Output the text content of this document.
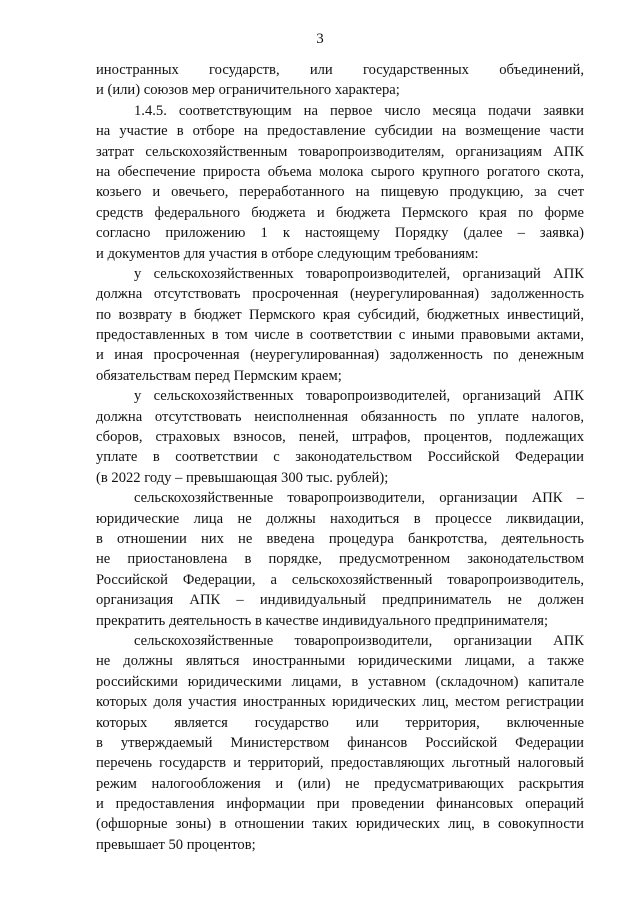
3
иностранных государств, или государственных объединений,
и (или) союзов мер ограничительного характера;
1.4.5. соответствующим на первое число месяца подачи заявки
на участие в отборе на предоставление субсидии на возмещение части
затрат сельскохозяйственным товаропроизводителям, организациям АПК
на обеспечение прироста объема молока сырого крупного рогатого скота,
козьего и овечьего, переработанного на пищевую продукцию, за счет
средств федерального бюджета и бюджета Пермского края по форме
согласно приложению 1 к настоящему Порядку (далее – заявка)
и документов для участия в отборе следующим требованиям:
у сельскохозяйственных товаропроизводителей, организаций АПК
должна отсутствовать просроченная (неурегулированная) задолженность
по возврату в бюджет Пермского края субсидий, бюджетных инвестиций,
предоставленных в том числе в соответствии с иными правовыми актами,
и иная просроченная (неурегулированная) задолженность по денежным
обязательствам перед Пермским краем;
у сельскохозяйственных товаропроизводителей, организаций АПК
должна отсутствовать неисполненная обязанность по уплате налогов,
сборов, страховых взносов, пеней, штрафов, процентов, подлежащих
уплате в соответствии с законодательством Российской Федерации
(в 2022 году – превышающая 300 тыс. рублей);
сельскохозяйственные товаропроизводители, организации АПК –
юридические лица не должны находиться в процессе ликвидации,
в отношении них не введена процедура банкротства, деятельность
не приостановлена в порядке, предусмотренном законодательством
Российской Федерации, а сельскохозяйственный товаропроизводитель,
организация АПК – индивидуальный предприниматель не должен
прекратить деятельность в качестве индивидуального предпринимателя;
сельскохозяйственные товаропроизводители, организации АПК
не должны являться иностранными юридическими лицами, а также
российскими юридическими лицами, в уставном (складочном) капитале
которых доля участия иностранных юридических лиц, местом регистрации
которых является государство или территория, включенные
в утверждаемый Министерством финансов Российской Федерации
перечень государств и территорий, предоставляющих льготный налоговый
режим налогообложения и (или) не предусматривающих раскрытия
и предоставления информации при проведении финансовых операций
(офшорные зоны) в отношении таких юридических лиц, в совокупности
превышает 50 процентов;
